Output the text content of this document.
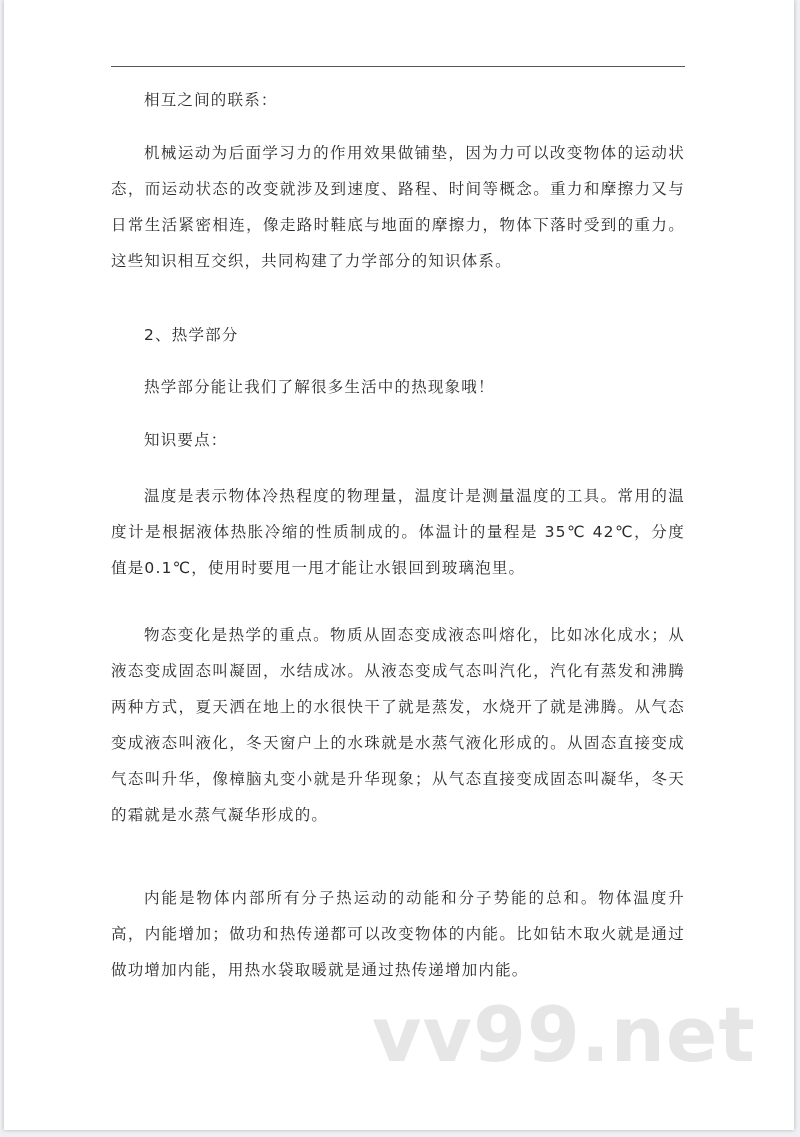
相互之间的联系：

机械运动为后面学习力的作用效果做铺垫，因为力可以改变物体的运动状态，而运动状态的改变就涉及到速度、路程、时间等概念。重力和摩擦力又与日常生活紧密相连，像走路时鞋底与地面的摩擦力，物体下落时受到的重力。这些知识相互交织，共同构建了力学部分的知识体系。

2、热学部分

热学部分能让我们了解很多生活中的热现象哦！

知识要点：

温度是表示物体冷热程度的物理量，温度计是测量温度的工具。常用的温度计是根据液体热胀冷缩的性质制成的。体温计的量程是 35℃ 42℃，分度值是0.1℃，使用时要甩一甩才能让水银回到玻璃泡里。

物态变化是热学的重点。物质从固态变成液态叫熔化，比如冰化成水；从液态变成固态叫凝固，水结成冰。从液态变成气态叫汽化，汽化有蒸发和沸腾两种方式，夏天洒在地上的水很快干了就是蒸发，水烧开了就是沸腾。从气态变成液态叫液化，冬天窗户上的水珠就是水蒸气液化形成的。从固态直接变成气态叫升华，像樟脑丸变小就是升华现象；从气态直接变成固态叫凝华，冬天的霜就是水蒸气凝华形成的。

内能是物体内部所有分子热运动的动能和分子势能的总和。物体温度升高，内能增加；做功和热传递都可以改变物体的内能。比如钻木取火就是通过做功增加内能，用热水袋取暖就是通过热传递增加内能。

vv99.net
